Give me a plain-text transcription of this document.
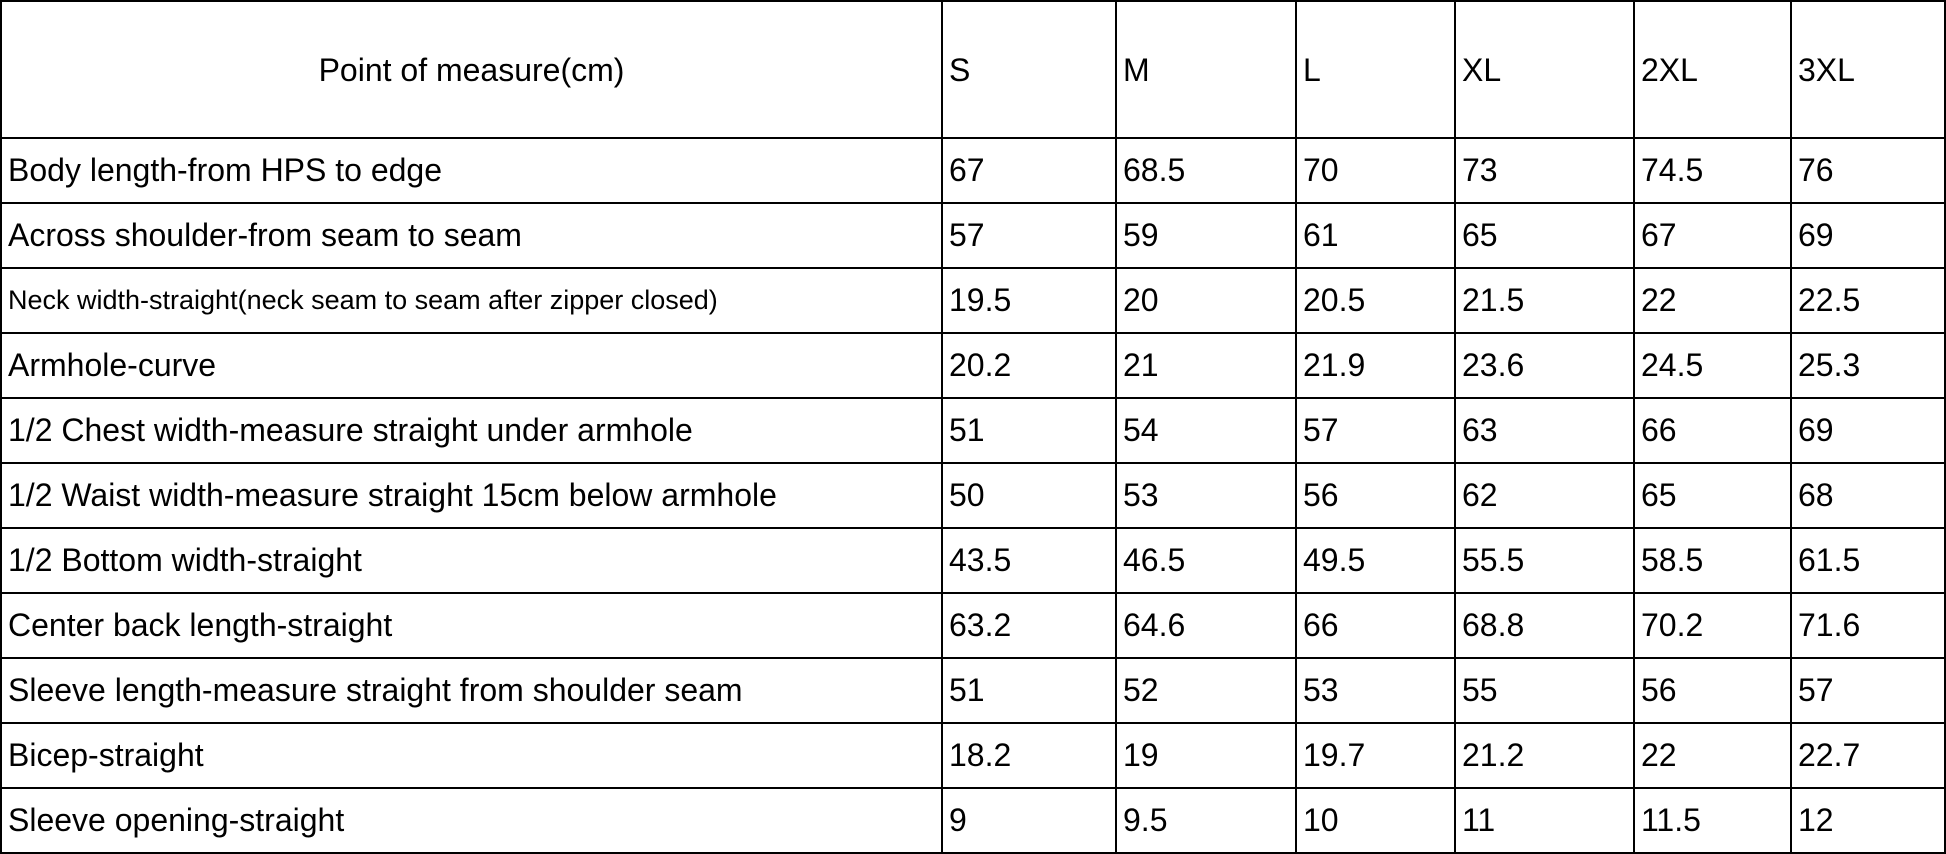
Point of measure(cm)	S	M	L	XL	2XL	3XL
Body length-from HPS to edge	67	68.5	70	73	74.5	76
Across shoulder-from seam to seam	57	59	61	65	67	69
Neck width-straight(neck seam to seam after zipper closed)	19.5	20	20.5	21.5	22	22.5
Armhole-curve	20.2	21	21.9	23.6	24.5	25.3
1/2 Chest width-measure straight under armhole	51	54	57	63	66	69
1/2 Waist width-measure straight 15cm below armhole	50	53	56	62	65	68
1/2 Bottom width-straight	43.5	46.5	49.5	55.5	58.5	61.5
Center back length-straight	63.2	64.6	66	68.8	70.2	71.6
Sleeve length-measure straight from shoulder seam	51	52	53	55	56	57
Bicep-straight	18.2	19	19.7	21.2	22	22.7
Sleeve opening-straight	9	9.5	10	11	11.5	12
